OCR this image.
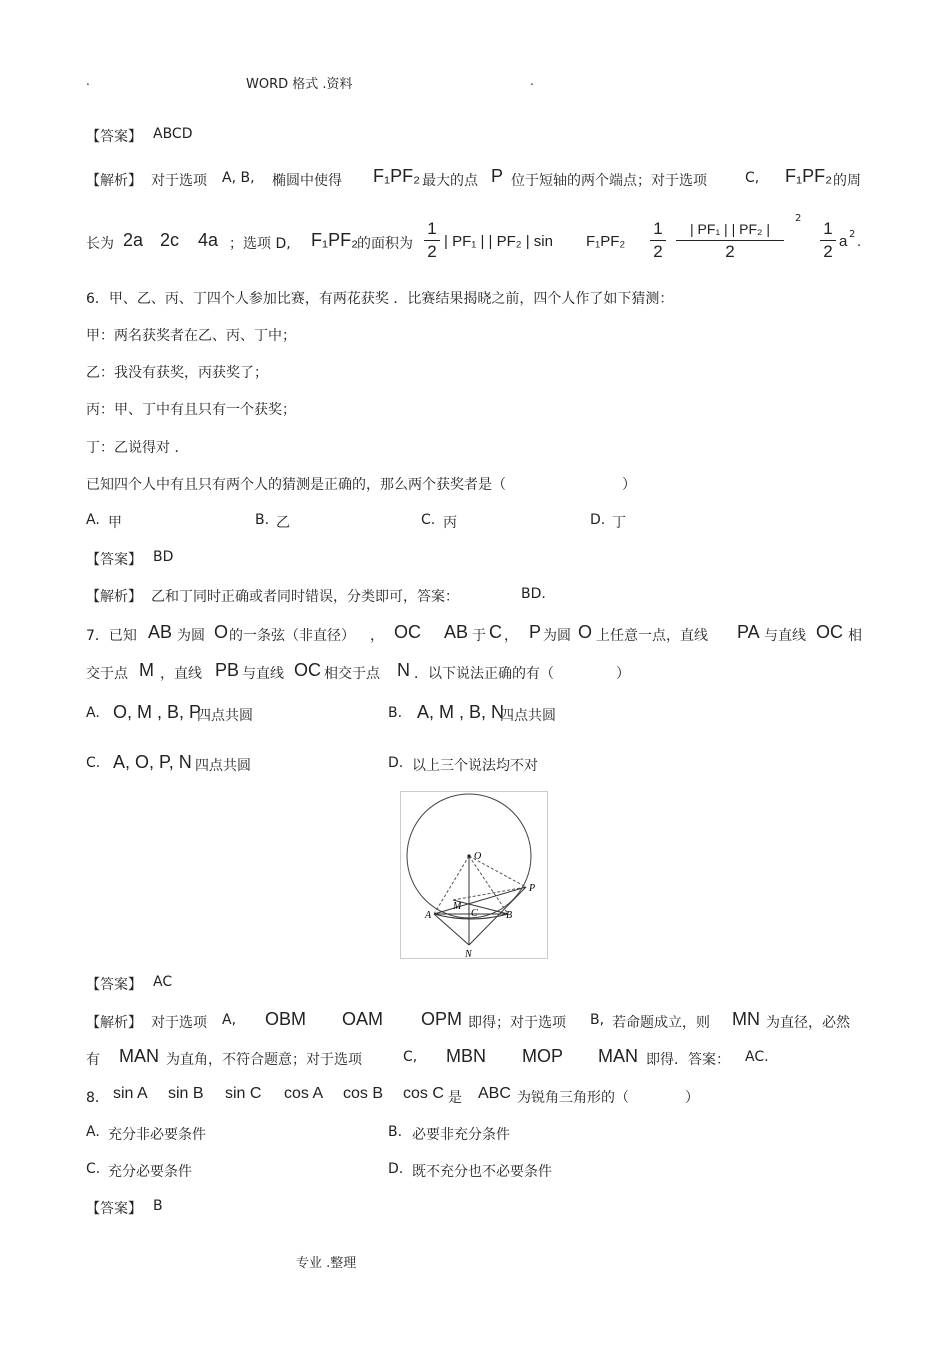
.	WORD 格式 .资料	.
【答案】 ABCD
【解析】 对于选项 A, B, 椭圆中使得 F₁PF₂ 最大的点 P 位于短轴的两个端点；对于选项	C, F₁PF₂ 的周
长为 2a 2c 4a ；选项 D, F₁PF₂
的面积为
1
2
| PF₁ | | PF₂ | sin F₁PF₂
1
2
| PF₁ | | PF₂ |
2
2
1
2
a 2 .
6．甲、乙、丙、丁四个人参加比赛，有两花获奖 ．比赛结果揭晓之前，四个人作了如下猜测：
甲：两名获奖者在乙、丙、丁中；
乙：我没有获奖，丙获奖了；
丙：甲、丁中有且只有一个获奖；
丁：乙说得对 ．
已知四个人中有且只有两个人的猜测是正确的，那么两个获奖者是（	）
A. 甲	B. 乙	C. 丙	D. 丁
【答案】 BD
【解析】 乙和丁同时正确或者同时错误，分类即可，答案：	BD.
7．已知 AB 为圆 O 的一条弦（非直径） ， OC AB 于 C ， P 为圆 O 上任意一点，直线 PA 与直线 OC 相
交于点 M ，直线 PB 与直线 OC 相交于点 N ．以下说法正确的有（	）
A. O, M , B, P
四点共圆	B. A, M , B, N
四点共圆
C. A, O, P, N 四点共圆	D. 以上三个说法均不对
O
P
M
A	C	B
N
【答案】 AC
【解析】 对于选项 A, OBM OAM OPM 即得；对于选项 B, 若命题成立，则 MN 为直径，必然
有 MAN 为直角，不符合题意；对于选项	C, MBN MOP MAN 即得．答案： AC.
8． sin A sin B sin C cos A cos B cos C 是 ABC 为锐角三角形的（	）
A. 充分非必要条件	B. 必要非充分条件
C. 充分必要条件	D. 既不充分也不必要条件
【答案】 B
专业 .整理
